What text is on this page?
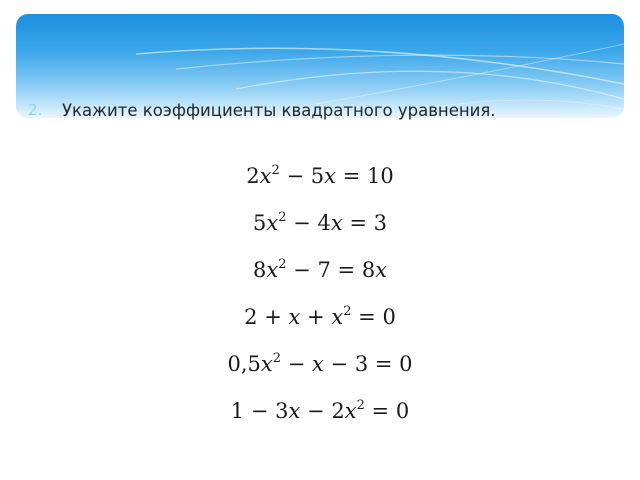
2.	Укажите коэффициенты квадратного уравнения.
$2x^2 - 5x = 10$
$5x^2 - 4x = 3$
$8x^2 - 7 = 8x$
$2 + x + x^2 = 0$
$0,5x^2 - x - 3 = 0$
$1 - 3x - 2x^2 = 0$
